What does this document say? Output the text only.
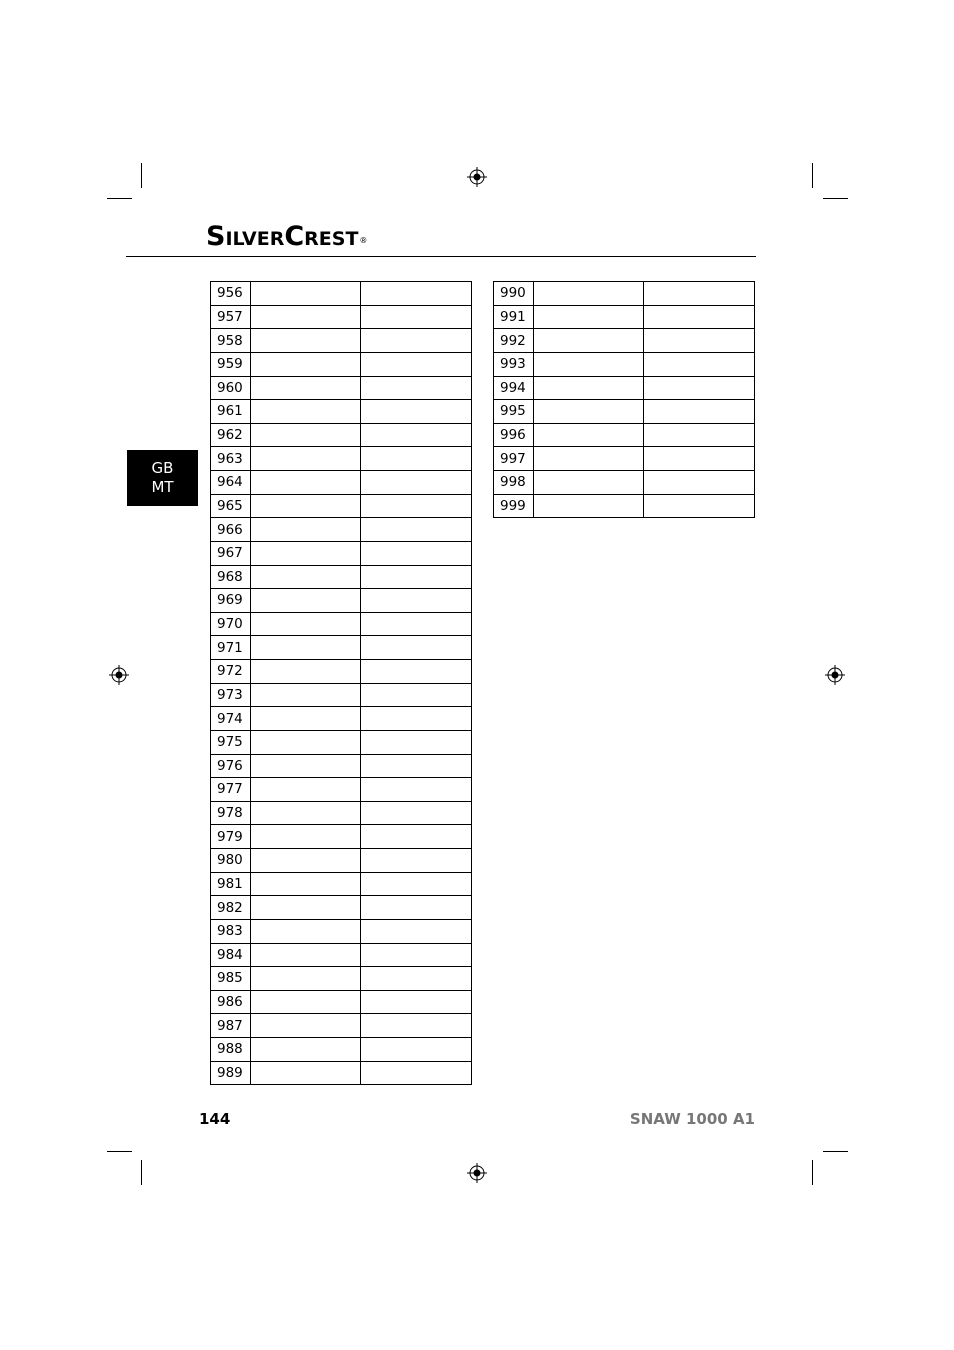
SILVERCREST®
GB
MT
956		
957		
958		
959		
960		
961		
962		
963		
964		
965		
966		
967		
968		
969		
970		
971		
972		
973		
974		
975		
976		
977		
978		
979		
980		
981		
982		
983		
984		
985		
986		
987		
988		
989		
990		
991		
992		
993		
994		
995		
996		
997		
998		
999		
144	SNAW 1000 A1
